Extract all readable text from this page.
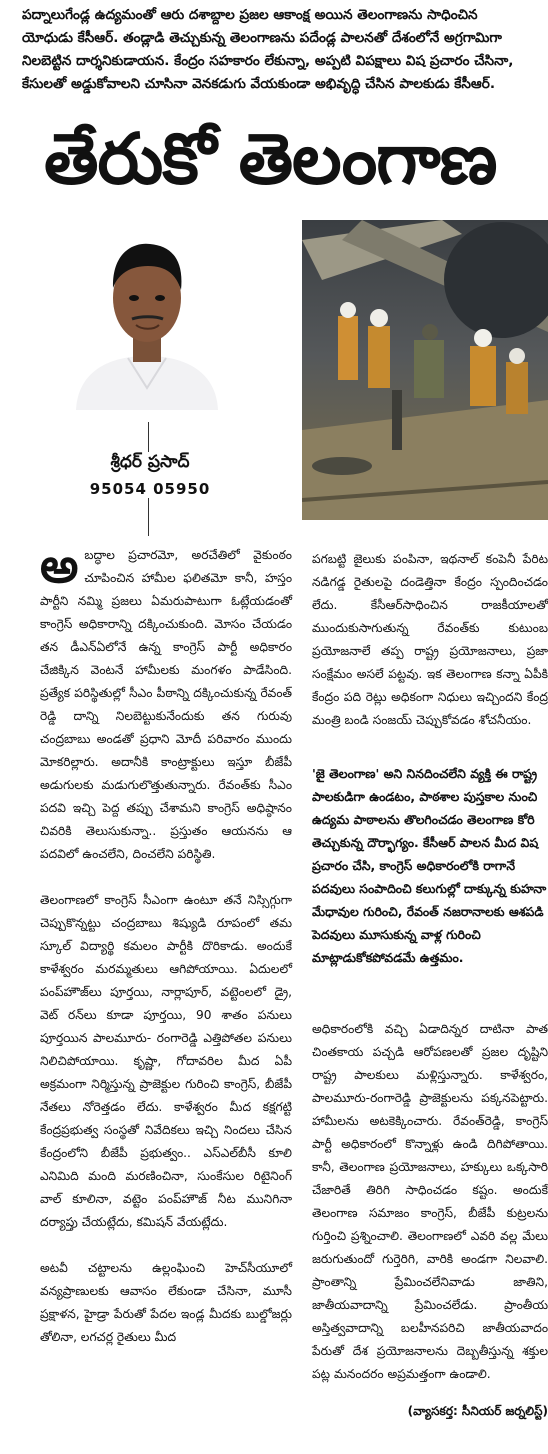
పద్నాలుగేండ్ల ఉద్యమంతో ఆరు దశాబ్దాల ప్రజల ఆకాంక్ష అయిన తెలంగాణను సాధించిన

యోధుడు కేసీఆర్. తండ్లాడి తెచ్చుకున్న తెలంగాణను పదేండ్ల పాలనతో దేశంలోనే అగ్రగామిగా

నిలబెట్టిన దార్శనికుడాయన. కేంద్రం సహకారం లేకున్నా, అప్పటి విపక్షాలు విష ప్రచారం చేసినా,

కేసులతో అడ్డుకోవాలని చూసినా వెనకడుగు వేయకుండా అభివృద్ధి చేసిన పాలకుడు కేసీఆర్.

తేరుకో తెలంగాణ
శ్రీధర్ ప్రసాద్
95054 05950

అబద్ధాల ప్రచారమో, అరచేతిలో వైకుంఠం చూపించిన హామీల ఫలితమో కానీ, హస్తం పార్టీని నమ్మి ప్రజలు ఏమరుపాటుగా ఓట్లేయడంతో కాంగ్రెస్ అధికారాన్ని దక్కించుకుంది. మోసం చేయడం తన డీఎన్ఏలోనే ఉన్న కాంగ్రెస్ పార్టీ అధికారం చేజిక్కిన వెంటనే హామీలకు మంగళం పాడేసింది. ప్రత్యేక పరిస్థితుల్లో సీఎం పీఠాన్ని దక్కించుకున్న రేవంత్ రెడ్డి దాన్ని నిలబెట్టుకునేందుకు తన గురువు చంద్రబాబు అండతో ప్రధాని మోదీ పరివారం ముందు మోకరిల్లారు. అదానీకి కాంట్రాక్టులు ఇస్తూ బీజేపీ అడుగులకు మడుగులొత్తుతున్నారు. రేవంత్‌కు సీఎం పదవి ఇచ్చి పెద్ద తప్పు చేశామని కాంగ్రెస్ అధిష్ఠానం చివరికి తెలుసుకున్నా.. ప్రస్తుతం ఆయనను ఆ పదవిలో ఉంచలేని, దించలేని పరిస్థితి.

తెలంగాణలో కాంగ్రెస్ సీఎంగా ఉంటూ తనే నిస్సిగ్గుగా చెప్పుకొన్నట్టు చంద్రబాబు శిష్యుడి రూపంలో తమ స్కూల్ విద్యార్థి కమలం పార్టీకి దొరికాడు. అందుకే కాళేశ్వరం మరమ్మతులు ఆగిపోయాయి. ఏదులలో పంప్‌హౌజ్‌లు పూర్తయి, నార్లాపూర్, వట్టెంలలో డ్రై, వెట్ రన్‌లు కూడా పూర్తయి, 90 శాతం పనులు పూర్తయిన పాలమూరు- రంగారెడ్డి ఎత్తిపోతల పనులు నిలిచిపోయాయి. కృష్ణా, గోదావరిల మీద ఏపీ అక్రమంగా నిర్మిస్తున్న ప్రాజెక్టుల గురించి కాంగ్రెస్, బీజేపీ నేతలు నోరెత్తడం లేదు. కాళేశ్వరం మీద కక్షగట్టి కేంద్రప్రభుత్వ సంస్థతో నివేదికలు ఇచ్చి నిందలు చేసిన కేంద్రంలోని బీజేపీ ప్రభుత్వం.. ఎస్ఎల్‌బీసీ కూలి ఎనిమిది మంది మరణించినా, సుంకేసుల రిటైనింగ్ వాల్ కూలినా, వట్టెం పంప్‌హౌజ్ నీట మునిగినా దర్యాప్తు చేయట్లేదు, కమిషన్ వేయట్లేదు.

అటవీ చట్టాలను ఉల్లంఘించి హెచ్‌సీయూలో వన్యప్రాణులకు ఆవాసం లేకుండా చేసినా, మూసీ ప్రక్షాళన, హైడ్రా పేరుతో పేదల ఇండ్ల మీదకు బుల్డోజర్లు తోలినా, లగచర్ల రైతులు మీద

పగబట్టి జైలుకు పంపినా, ఇథనాల్ కంపెనీ పేరిట నడిగడ్డ రైతులపై దండెత్తినా కేంద్రం స్పందించడం లేదు. కేసీఆర్‌సాధించిన రాజకీయాలతో ముందుకుసాగుతున్న రేవంత్‌కు కుటుంబ ప్రయోజనాలే తప్ప రాష్ట్ర ప్రయోజనాలు, ప్రజా సంక్షేమం అసలే పట్టవు. ఇక తెలంగాణ కన్నా ఏపీకి కేంద్రం పది రెట్లు అధికంగా నిధులు ఇచ్చిందని కేంద్ర మంత్రి బండి సంజయ్ చెప్పుకోవడం శోచనీయం.

'జై తెలంగాణ' అని నినదించలేని వ్యక్తి ఈ రాష్ట్ర పాలకుడిగా ఉండటం, పాఠశాల పుస్తకాల నుంచి ఉద్యమ పాఠాలను తొలగించడం తెలంగాణ కోరి తెచ్చుకున్న దౌర్భాగ్యం. కేసీఆర్ పాలన మీద విష ప్రచారం చేసి, కాంగ్రెస్ అధికారంలోకి రాగానే పదవులు సంపాదించి కలుగుల్లో దాక్కున్న కుహనా మేధావుల గురించి, రేవంత్ నజరానాలకు ఆశపడి పెదవులు మూసుకున్న వాళ్ల గురించి మాట్లాడుకోకపోవడమే ఉత్తమం.
అధికారంలోకి వచ్చి ఏడాదిన్నర దాటినా పాత చింతకాయ పచ్చడి ఆరోపణలతో ప్రజల దృష్టిని రాష్ట్ర పాలకులు మళ్లిస్తున్నారు. కాళేశ్వరం, పాలమూరు-రంగారెడ్డి ప్రాజెక్టులను పక్కనపెట్టారు. హామీలను అటకెక్కించారు. రేవంత్‌రెడ్డి, కాంగ్రెస్ పార్టీ అధికారంలో కొన్నాళ్లు ఉండి దిగిపోతాయి. కానీ, తెలంగాణ ప్రయోజనాలు, హక్కులు ఒక్కసారి చేజారితే తిరిగి సాధించడం కష్టం. అందుకే తెలంగాణ సమాజం కాంగ్రెస్, బీజేపీ కుట్రలను గుర్తించి ప్రశ్నించాలి. తెలంగాణలో ఎవరి వల్ల మేలు జరుగుతుందో గుర్తెరిగి, వారికి అండగా నిలవాలి. ప్రాంతాన్ని ప్రేమించలేనివాడు జాతిని, జాతీయవాదాన్ని ప్రేమించలేడు. ప్రాంతీయ అస్తిత్వవాదాన్ని బలహీనపరిచి జాతీయవాదం పేరుతో దేశ ప్రయోజనాలను దెబ్బతీస్తున్న శక్తుల పట్ల మనందరం అప్రమత్తంగా ఉండాలి.
(వ్యాసకర్త: సీనియర్ జర్నలిస్ట్)
